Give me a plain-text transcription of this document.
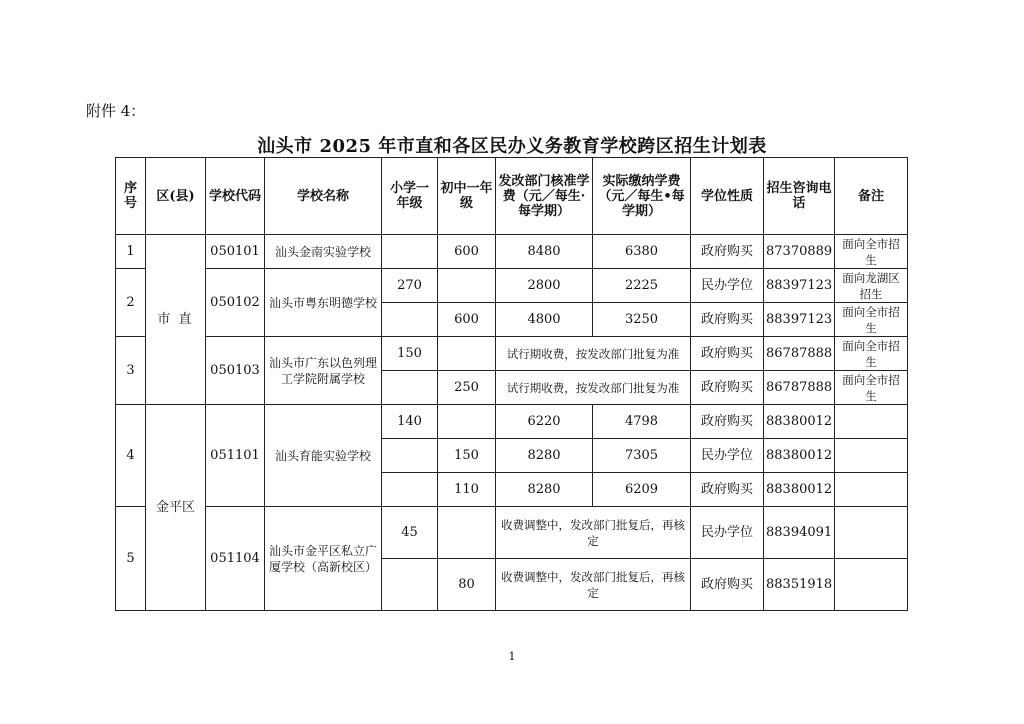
附件 4：
汕头市 2025 年市直和各区民办义务教育学校跨区招生计划表
序号	区(县)	学校代码	学校名称	小学一年级	初中一年级	发改部门核准学费（元／每生·每学期）	实际缴纳学费（元／每生•每学期）	学位性质	招生咨询电话	备注
1	市 直	050101	汕头金南实验学校		600	8480	6380	政府购买	87370889	面向全市招生
2		050102	汕头市粤东明德学校	270		2800	2225	民办学位	88397123	面向龙湖区招生
					600	4800	3250	政府购买	88397123	面向全市招生
3		050103	汕头市广东以色列理工学院附属学校	150		试行期收费，按发改部门批复为准		政府购买	86787888	面向全市招生
					250	试行期收费，按发改部门批复为准		政府购买	86787888	面向全市招生
4	金平区	051101	汕头育能实验学校	140		6220	4798	政府购买	88380012	
					150	8280	7305	民办学位	88380012	
					110	8280	6209	政府购买	88380012	
5		051104	汕头市金平区私立广厦学校（高新校区）	45		收费调整中，发改部门批复后，再核定		民办学位	88394091	
					80	收费调整中，发改部门批复后，再核定		政府购买	88351918	
1
